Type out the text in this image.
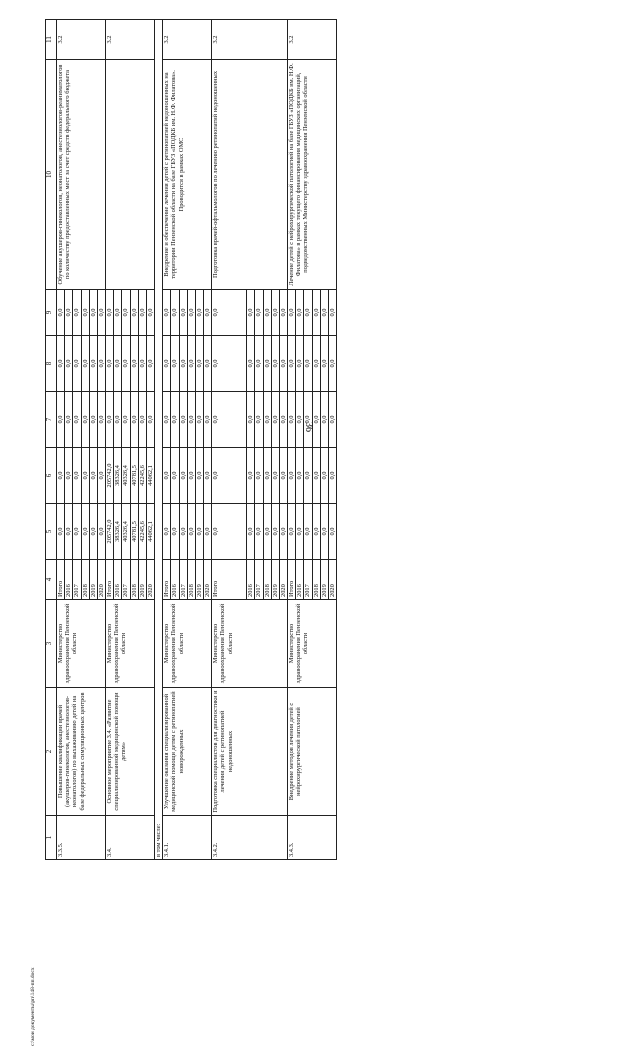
36
c:\мои документы\рп\148-пп.docx
1	2	3	4	5	6	7	8	9	10	11
3.3.5.	Повышение квалификации врачей (акушеров-гинекологов, анестезиологов-неонатологов) по выхаживанию детей на базе федеральных симуляционных центров	Министерство здравоохранения Пензенской области	Итого	0,0	0,0	0,0	0,0	0,0	Обучение акушеров-гинекологов, неонатологов, анестезиологов-реаниматологов по количеству предоставленных мест за счет средств федерального бюджета	3.2
			2016	0,0	0,0	0,0	0,0	0,0		
			2017	0,0	0,0	0,0	0,0	0,0		
			2018	0,0	0,0	0,0	0,0	0,0		
			2019	0,0	0,0	0,0	0,0	0,0		
			2020	0,0	0,0	0,0	0,0	0,0		
3.4.	Основное мероприятие 3.4. «Развитие специализированной медицинской помощи детям»	Министерство здравоохранения Пензенской области	Итого	205742,0	205742,0	0,0	0,0	0,0		3.2
			2016	38326,4	38326,4	0,0	0,0	0,0		
			2017	40326,4	40326,4	0,0	0,0	0,0		
			2018	40781,5	40781,5	0,0	0,0	0,0		
			2019	42245,6	42245,6	0,0	0,0	0,0		
			2020	44062,1	44062,1	0,0	0,0	0,0		
в том числе:										
3.4.1.	Улучшение оказания специализированной медицинской помощи детям с ретинопатией новорожденных	Министерство здравоохранения Пензенской области	Итого	0,0	0,0	0,0	0,0	0,0	Внедрение и обеспечение лечения детей с ретинопатией недоношенных на территории Пензенской области на базе ГБУЗ «ПОДКБ им. Н.Ф. Филатова». Проводится в рамках ОМС	3.2
			2016	0,0	0,0	0,0	0,0	0,0		
			2017	0,0	0,0	0,0	0,0	0,0		
			2018	0,0	0,0	0,0	0,0	0,0		
			2019	0,0	0,0	0,0	0,0	0,0		
			2020	0,0	0,0	0,0	0,0	0,0		
3.4.2.	Подготовка специалистов для диагностики и лечения детей с ретинопатией недоношенных	Министерство здравоохранения Пензенской области	Итого	0,0	0,0	0,0	0,0	0,0	Подготовка врачей-офтальмологов по лечению ретинопатий недоношенных	3.2
			2016	0,0	0,0	0,0	0,0	0,0		
			2017	0,0	0,0	0,0	0,0	0,0		
			2018	0,0	0,0	0,0	0,0	0,0		
			2019	0,0	0,0	0,0	0,0	0,0		
			2020	0,0	0,0	0,0	0,0	0,0		
3.4.3.	Внедрение методов лечения детей с нейрохирургической патологией	Министерство здравоохранения Пензенской области	Итого	0,0	0,0	0,0	0,0	0,0	Лечение детей с нейрохирургической патологией на базе ГБУЗ «ПОДКБ им. Н.Ф. Филатова» в рамках текущего финансирования медицинских организаций, подведомственных Министерству здравоохранения Пензенской области	3.2
			2016	0,0	0,0	0,0	0,0	0,0		
			2017	0,0	0,0	0,0	0,0	0,0		
			2018	0,0	0,0	0,0	0,0	0,0		
			2019	0,0	0,0	0,0	0,0	0,0		
			2020	0,0	0,0	0,0	0,0	0,0		
